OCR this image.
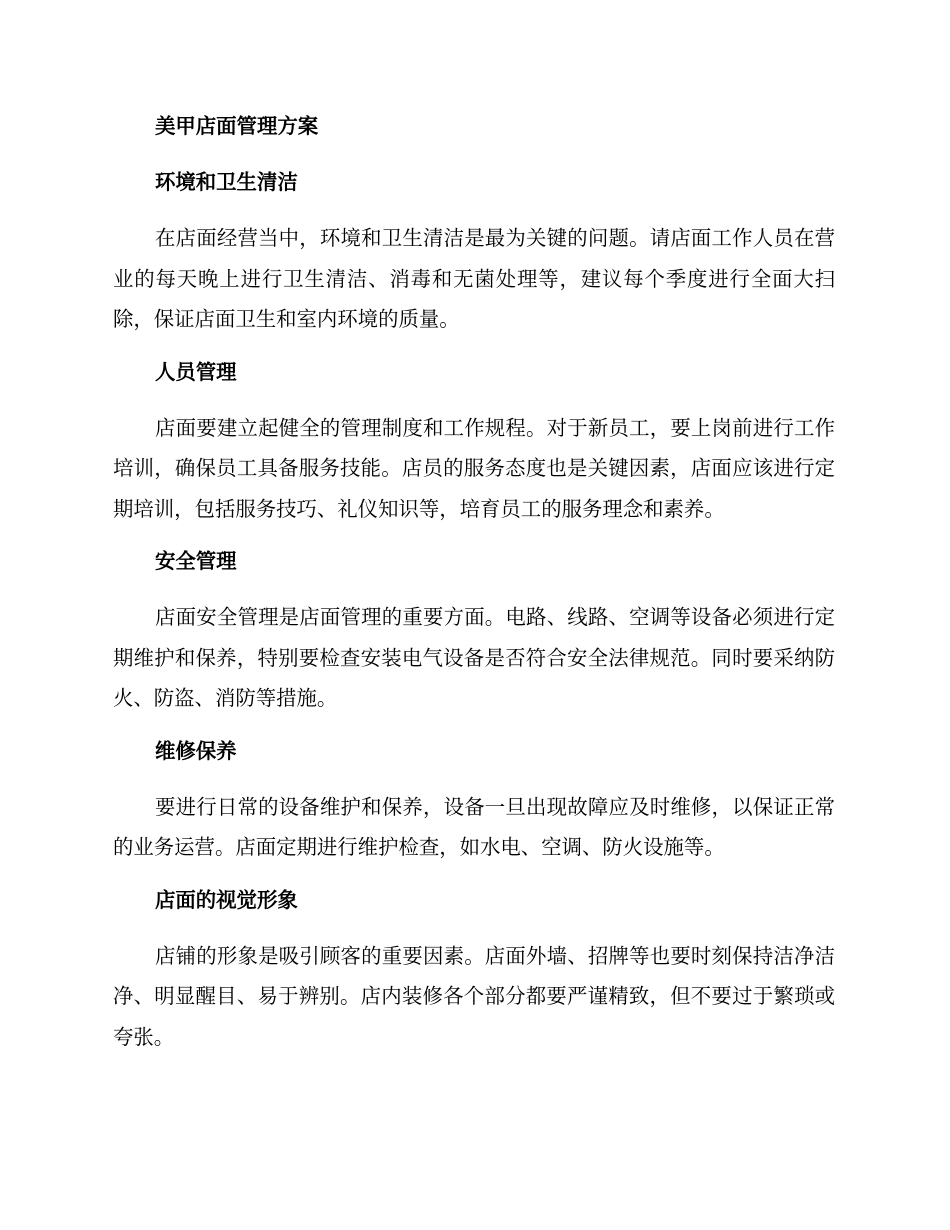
美甲店面管理方案
环境和卫生清洁

在店面经营当中，环境和卫生清洁是最为关键的问题。请店面工作人员在营业的每天晚上进行卫生清洁、消毒和无菌处理等，建议每个季度进行全面大扫除，保证店面卫生和室内环境的质量。

人员管理

店面要建立起健全的管理制度和工作规程。对于新员工，要上岗前进行工作培训，确保员工具备服务技能。店员的服务态度也是关键因素，店面应该进行定期培训，包括服务技巧、礼仪知识等，培育员工的服务理念和素养。

安全管理

店面安全管理是店面管理的重要方面。电路、线路、空调等设备必须进行定期维护和保养，特别要检查安装电气设备是否符合安全法律规范。同时要采纳防火、防盗、消防等措施。

维修保养

要进行日常的设备维护和保养，设备一旦出现故障应及时维修，以保证正常的业务运营。店面定期进行维护检查，如水电、空调、防火设施等。

店面的视觉形象

店铺的形象是吸引顾客的重要因素。店面外墙、招牌等也要时刻保持洁净洁净、明显醒目、易于辨别。店内装修各个部分都要严谨精致，但不要过于繁琐或夸张。
